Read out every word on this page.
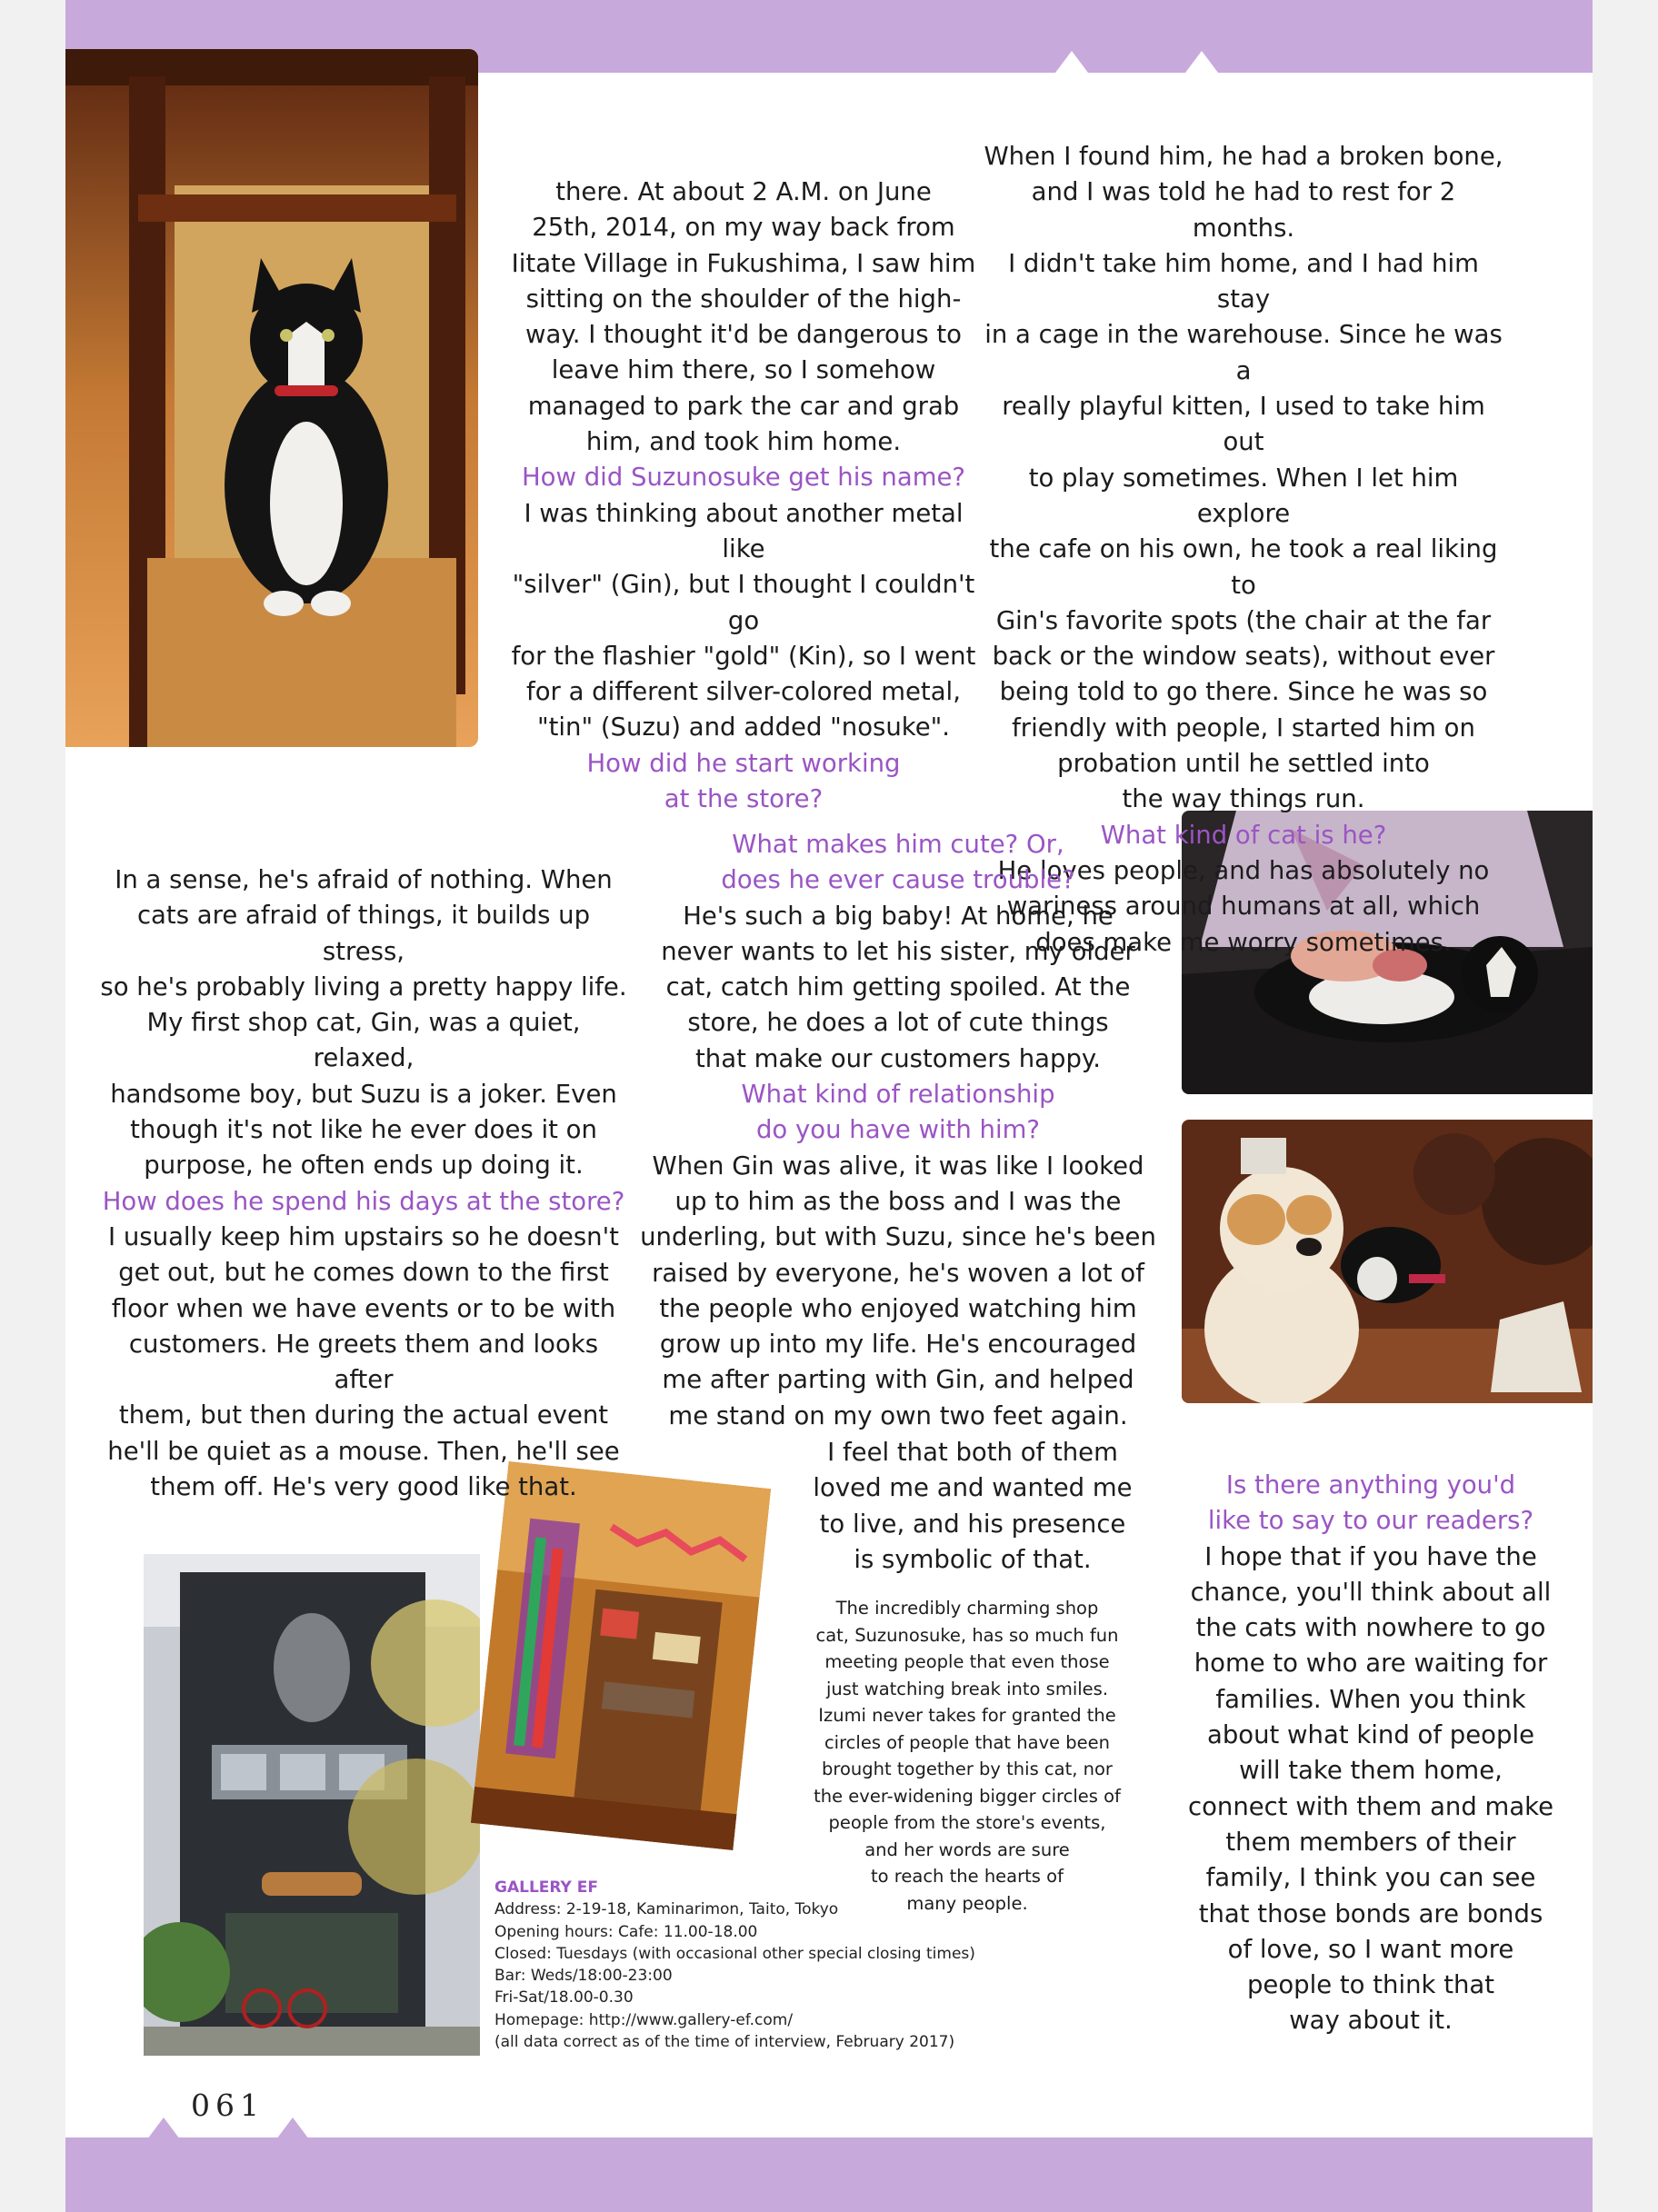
there. At about 2 A.M. on June

25th, 2014, on my way back from

Iitate Village in Fukushima, I saw him

sitting on the shoulder of the high-

way. I thought it'd be dangerous to

leave him there, so I somehow

managed to park the car and grab

him, and took him home.

How did Suzunosuke get his name?

I was thinking about another metal like

"silver" (Gin), but I thought I couldn't go

for the flashier "gold" (Kin), so I went

for a different silver-colored metal,

"tin" (Suzu) and added "nosuke".

How did he start working

at the store?

When I found him, he had a broken bone,

and I was told he had to rest for 2 months.

I didn't take him home, and I had him stay

in a cage in the warehouse. Since he was a

really playful kitten, I used to take him out

to play sometimes. When I let him explore

the cafe on his own, he took a real liking to

Gin's favorite spots (the chair at the far

back or the window seats), without ever

being told to go there. Since he was so

friendly with people, I started him on

probation until he settled into

the way things run.

What kind of cat is he?

He loves people, and has absolutely no

wariness around humans at all, which

does make me worry sometimes.

In a sense, he's afraid of nothing. When

cats are afraid of things, it builds up stress,

so he's probably living a pretty happy life.

My first shop cat, Gin, was a quiet, relaxed,

handsome boy, but Suzu is a joker. Even

though it's not like he ever does it on

purpose, he often ends up doing it.

How does he spend his days at the store?

I usually keep him upstairs so he doesn't

get out, but he comes down to the first

floor when we have events or to be with

customers. He greets them and looks after

them, but then during the actual event

he'll be quiet as a mouse. Then, he'll see

them off. He's very good like that.

What makes him cute? Or,

does he ever cause trouble?

He's such a big baby! At home, he

never wants to let his sister, my older

cat, catch him getting spoiled. At the

store, he does a lot of cute things

that make our customers happy.

What kind of relationship

do you have with him?

When Gin was alive, it was like I looked

up to him as the boss and I was the

underling, but with Suzu, since he's been

raised by everyone, he's woven a lot of

the people who enjoyed watching him

grow up into my life. He's encouraged

me after parting with Gin, and helped

me stand on my own two feet again.

I feel that both of them

loved me and wanted me

to live, and his presence

is symbolic of that.

Is there anything you'd

like to say to our readers?

I hope that if you have the

chance, you'll think about all

the cats with nowhere to go

home to who are waiting for

families. When you think

about what kind of people

will take them home,

connect with them and make

them members of their

family, I think you can see

that those bonds are bonds

of love, so I want more

people to think that

way about it.

The incredibly charming shop
cat, Suzunosuke, has so much fun
meeting people that even those
just watching break into smiles.
Izumi never takes for granted the
circles of people that have been
brought together by this cat, nor
the ever-widening bigger circles of
people from the store's events,
and her words are sure
to reach the hearts of
many people.
GALLERY EF
Address: 2-19-18, Kaminarimon, Taito, Tokyo
Opening hours: Cafe: 11.00-18.00
Closed: Tuesdays (with occasional other special closing times)
Bar: Weds/18:00-23:00
Fri-Sat/18.00-0.30
Homepage: http://www.gallery-ef.com/
(all data correct as of the time of interview, February 2017)
061
